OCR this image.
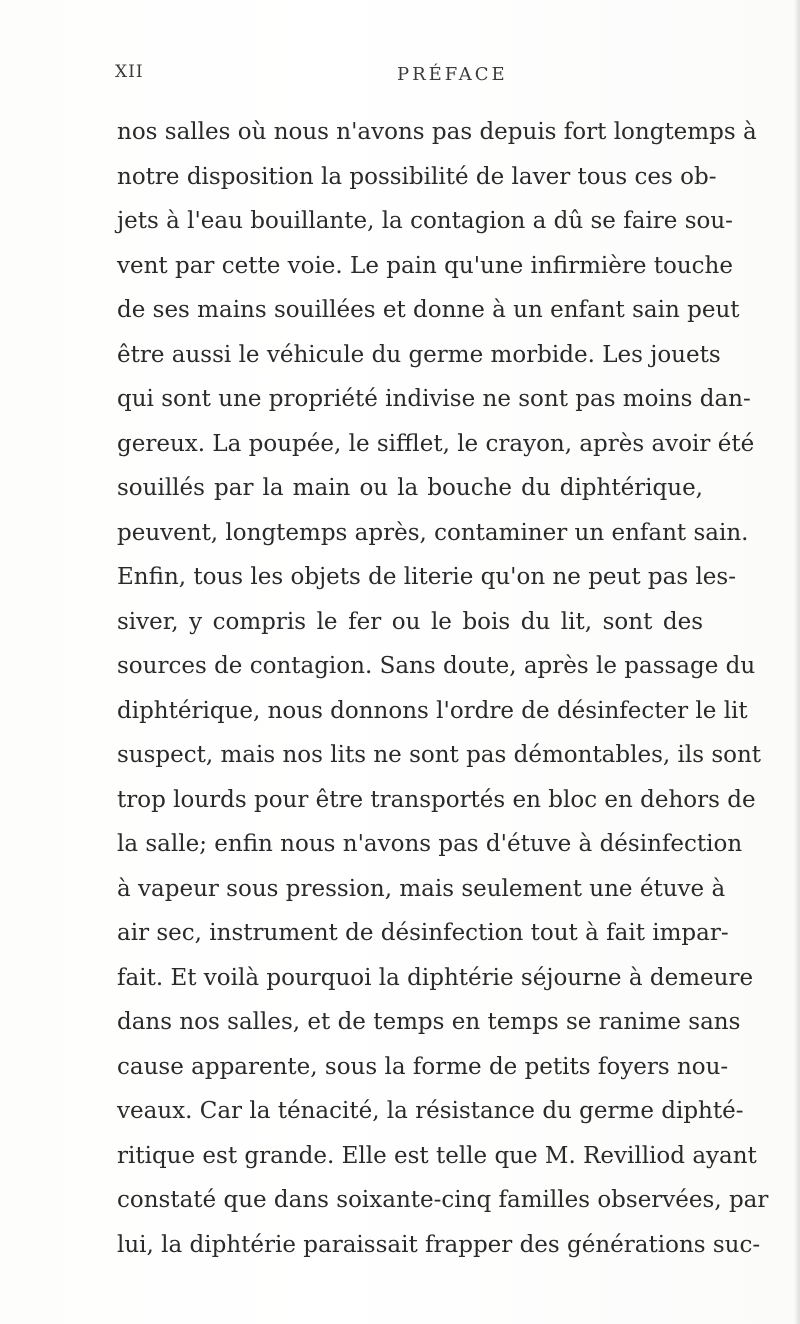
XII	PRÉFACE
nos salles où nous n'avons pas depuis fort longtemps à
notre disposition la possibilité de laver tous ces ob-
jets à l'eau bouillante, la contagion a dû se faire sou-
vent par cette voie. Le pain qu'une infirmière touche
de ses mains souillées et donne à un enfant sain peut
être aussi le véhicule du germe morbide. Les jouets
qui sont une propriété indivise ne sont pas moins dan-
gereux. La poupée, le sifflet, le crayon, après avoir été
souillés par la main ou la bouche du diphtérique,
peuvent, longtemps après, contaminer un enfant sain.
Enfin, tous les objets de literie qu'on ne peut pas les-
siver, y compris le fer ou le bois du lit, sont des
sources de contagion. Sans doute, après le passage du
diphtérique, nous donnons l'ordre de désinfecter le lit
suspect, mais nos lits ne sont pas démontables, ils sont
trop lourds pour être transportés en bloc en dehors de
la salle; enfin nous n'avons pas d'étuve à désinfection
à vapeur sous pression, mais seulement une étuve à
air sec, instrument de désinfection tout à fait impar-
fait. Et voilà pourquoi la diphtérie séjourne à demeure
dans nos salles, et de temps en temps se ranime sans
cause apparente, sous la forme de petits foyers nou-
veaux. Car la ténacité, la résistance du germe diphté-
ritique est grande. Elle est telle que M. Revilliod ayant
constaté que dans soixante-cinq familles observées, par
lui, la diphtérie paraissait frapper des générations suc-
